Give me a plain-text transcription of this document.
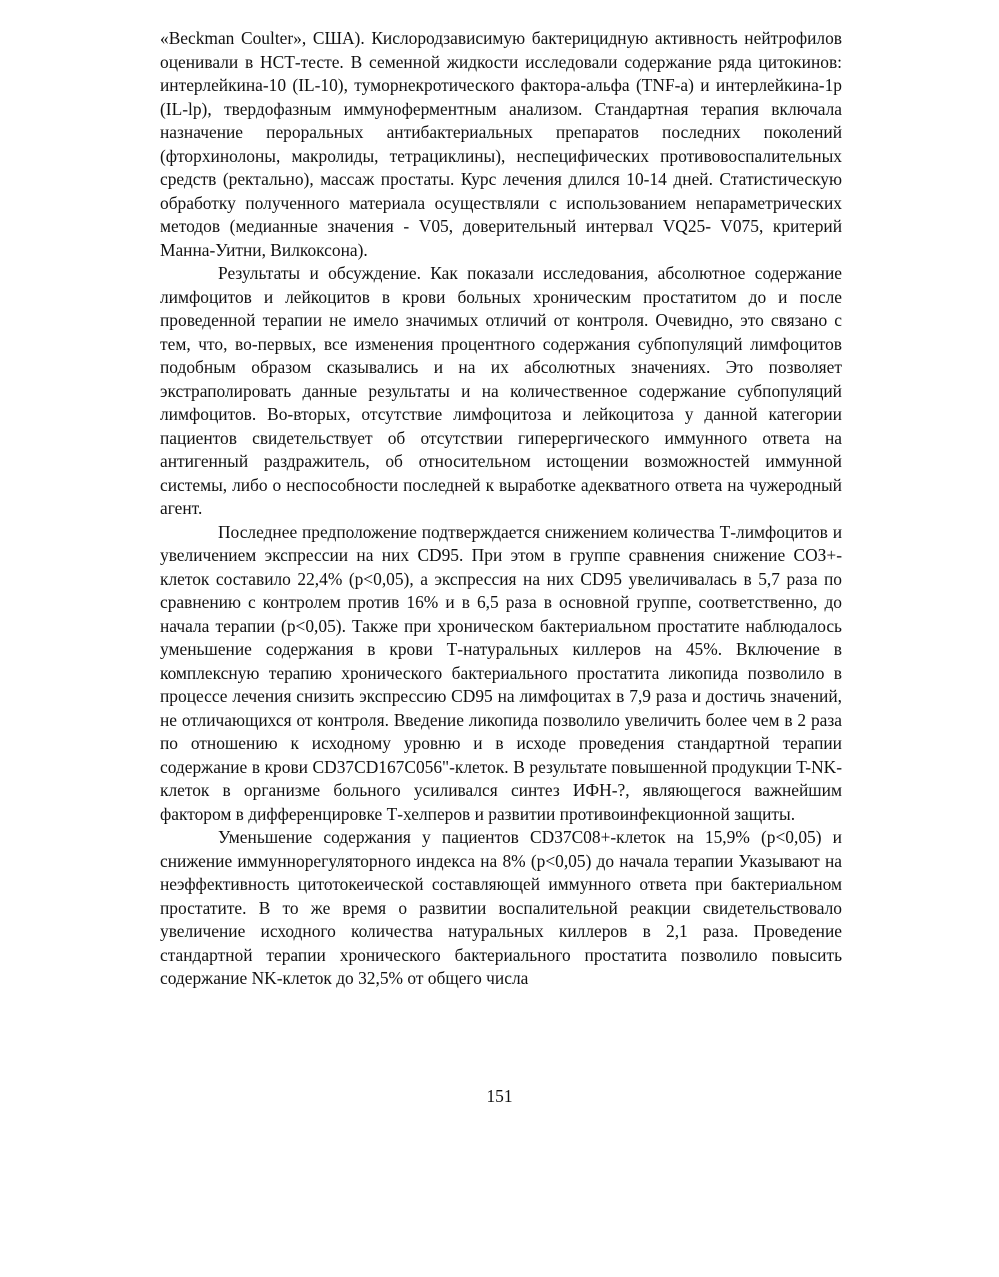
«Beckman Coulter», США). Кислородзависимую бактерицидную активность нейтрофилов оценивали в НСТ-тесте. В семенной жидкости исследовали содержание ряда цитокинов: интерлейкина-10 (IL-10), туморнекротического фактора-альфа (TNF-a) и интерлейкина-1p (IL-lp), твердофазным иммуноферментным анализом. Стандартная терапия включала назначение пероральных антибактериальных препаратов последних поколений (фторхинолоны, макролиды, тетрациклины), неспецифических противовоспалительных средств (ректально), массаж простаты. Курс лечения длился 10-14 дней. Статистическую обработку полученного материала осуществляли с использованием непараметрических методов (медианные значения - V05, доверительный интервал VQ25- V075, критерий Манна-Уитни, Вилкоксона).

Результаты и обсуждение. Как показали исследования, абсолютное содержание лимфоцитов и лейкоцитов в крови больных хроническим простатитом до и после проведенной терапии не имело значимых отличий от контроля. Очевидно, это связано с тем, что, во-первых, все изменения процентного содержания субпопуляций лимфоцитов подобным образом сказывались и на их абсолютных значениях. Это позволяет экстраполировать данные результаты и на количественное содержание субпопуляций лимфоцитов. Во-вторых, отсутствие лимфоцитоза и лейкоцитоза у данной категории пациентов свидетельствует об отсутствии гиперергического иммунного ответа на антигенный раздражитель, об относительном истощении возможностей иммунной системы, либо о неспособности последней к выработке адекватного ответа на чужеродный агент.

Последнее предположение подтверждается снижением количества Т-лимфоцитов и увеличением экспрессии на них CD95. При этом в группе сравнения снижение СОЗ+-клеток составило 22,4% (р<0,05), а экспрессия на них CD95 увеличивалась в 5,7 раза по сравнению с контролем против 16% и в 6,5 раза в основной группе, соответственно, до начала терапии (р<0,05). Также при хроническом бактериальном простатите наблюдалось уменьшение содержания в крови Т-натуральных киллеров на 45%. Включение в комплексную терапию хронического бактериального простатита ликопида позволило в процессе лечения снизить экспрессию CD95 на лимфоцитах в 7,9 раза и достичь значений, не отличающихся от контроля. Введение ликопида позволило увеличить более чем в 2 раза по отношению к исходному уровню и в исходе проведения стандартной терапии содержание в крови CD37CD167C056"-клеток. В результате повышенной продукции T-NK-клеток в организме больного усиливался синтез ИФН-?, являющегося важнейшим фактором в дифференцировке Т-хелперов и развитии противоинфекционной защиты.

Уменьшение содержания у пациентов CD37C08+-клеток на 15,9% (р<0,05) и снижение иммуннорегуляторного индекса на 8% (р<0,05) до начала терапии Указывают на неэффективность цитотокеической составляющей иммунного ответа при бактериальном простатите. В то же время о развитии воспалительной реакции свидетельствовало увеличение исходного количества натуральных киллеров в 2,1 раза. Проведение стандартной терапии хронического бактериального простатита позволило повысить содержание NK-клеток до 32,5% от общего числа

151
